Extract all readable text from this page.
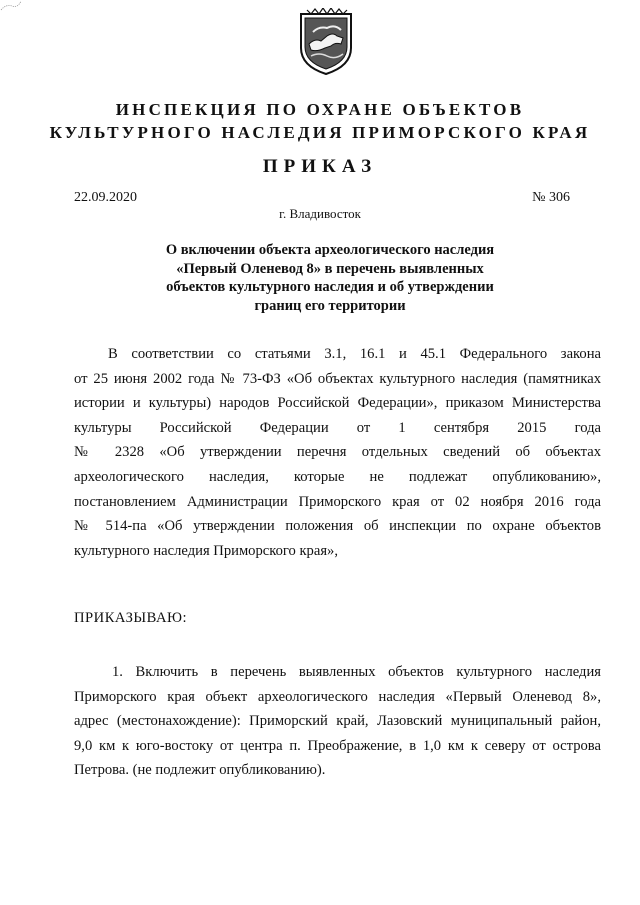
ИНСПЕКЦИЯ ПО ОХРАНЕ ОБЪЕКТОВ
КУЛЬТУРНОГО НАСЛЕДИЯ ПРИМОРСКОГО КРАЯ
ПРИКАЗ
22.09.2020	№ 306
г. Владивосток
О включении объекта археологического наследия
«Первый Оленевод 8» в перечень выявленных
объектов культурного наследия и об утверждении
границ его территории
В соответствии со статьями 3.1, 16.1 и 45.1 Федерального закона
от 25 июня 2002 года № 73-ФЗ «Об объектах культурного наследия (памятниках
истории и культуры) народов Российской Федерации», приказом Министерства
культуры Российской Федерации от 1 сентября 2015 года
№ 2328 «Об утверждении перечня отдельных сведений об объектах
археологического наследия, которые не подлежат опубликованию»,
постановлением Администрации Приморского края от 02 ноября 2016 года
№ 514-па «Об утверждении положения об инспекции по охране объектов
культурного наследия Приморского края»,
ПРИКАЗЫВАЮ:
1. Включить в перечень выявленных объектов культурного наследия
Приморского края объект археологического наследия «Первый Оленевод 8»,
адрес (местонахождение): Приморский край, Лазовский муниципальный район,
9,0 км к юго-востоку от центра п. Преображение, в 1,0 км к северу от острова
Петрова. (не подлежит опубликованию).
